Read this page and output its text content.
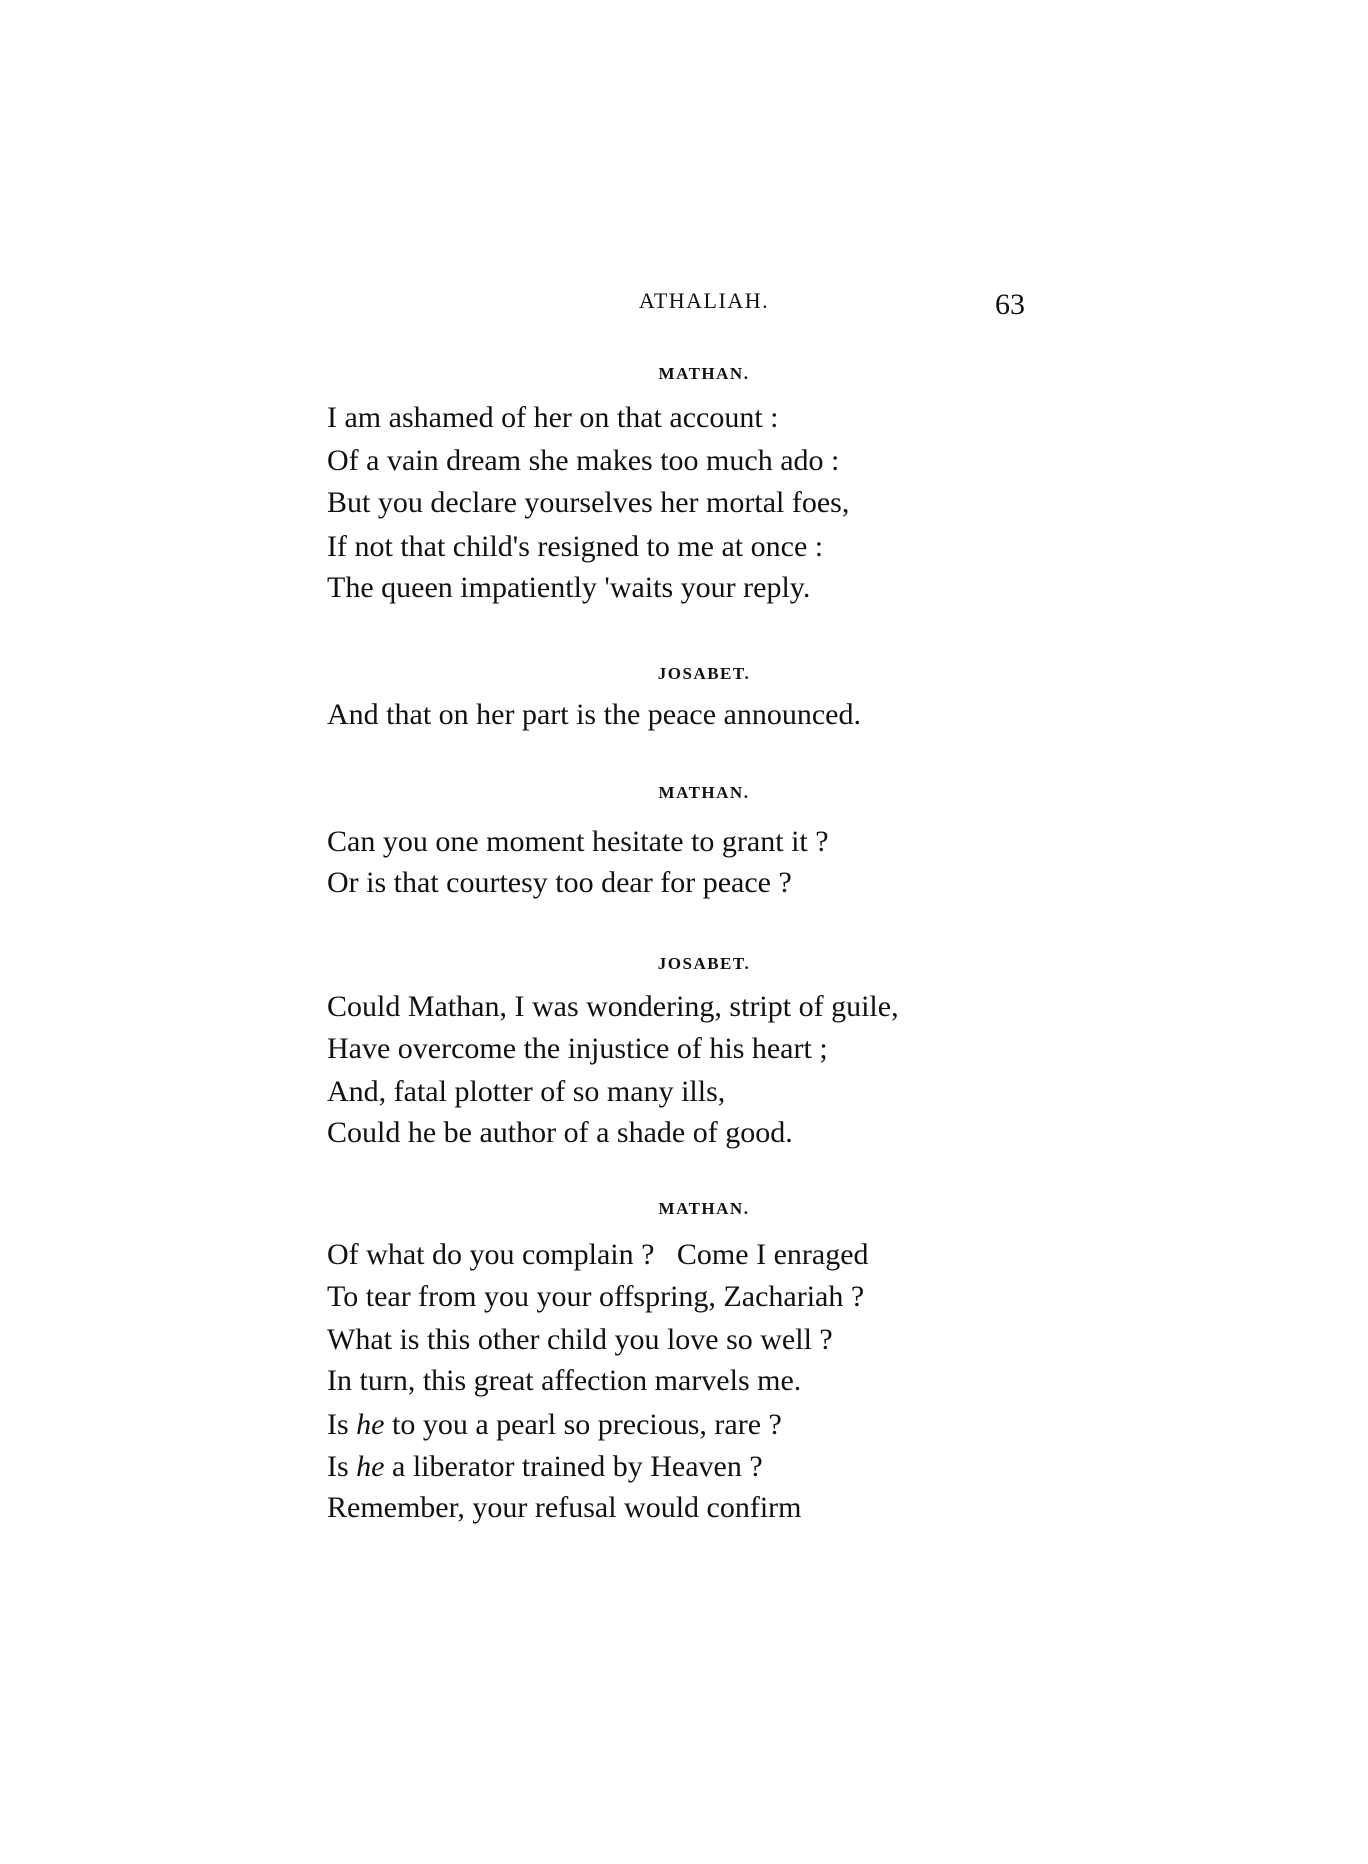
ATHALIAH.	63
MATHAN.
I am ashamed of her on that account :
Of a vain dream she makes too much ado :
But you declare yourselves her mortal foes,
If not that child's resigned to me at once :
The queen impatiently 'waits your reply.
JOSABET.
And that on her part is the peace announced.
MATHAN.
Can you one moment hesitate to grant it ?
Or is that courtesy too dear for peace ?
JOSABET.
Could Mathan, I was wondering, stript of guile,
Have overcome the injustice of his heart ;
And, fatal plotter of so many ills,
Could he be author of a shade of good.
MATHAN.
Of what do you complain ?   Come I enraged
To tear from you your offspring, Zachariah ?
What is this other child you love so well ?
In turn, this great affection marvels me.
Is he to you a pearl so precious, rare ?
Is he a liberator trained by Heaven ?
Remember, your refusal would confirm
